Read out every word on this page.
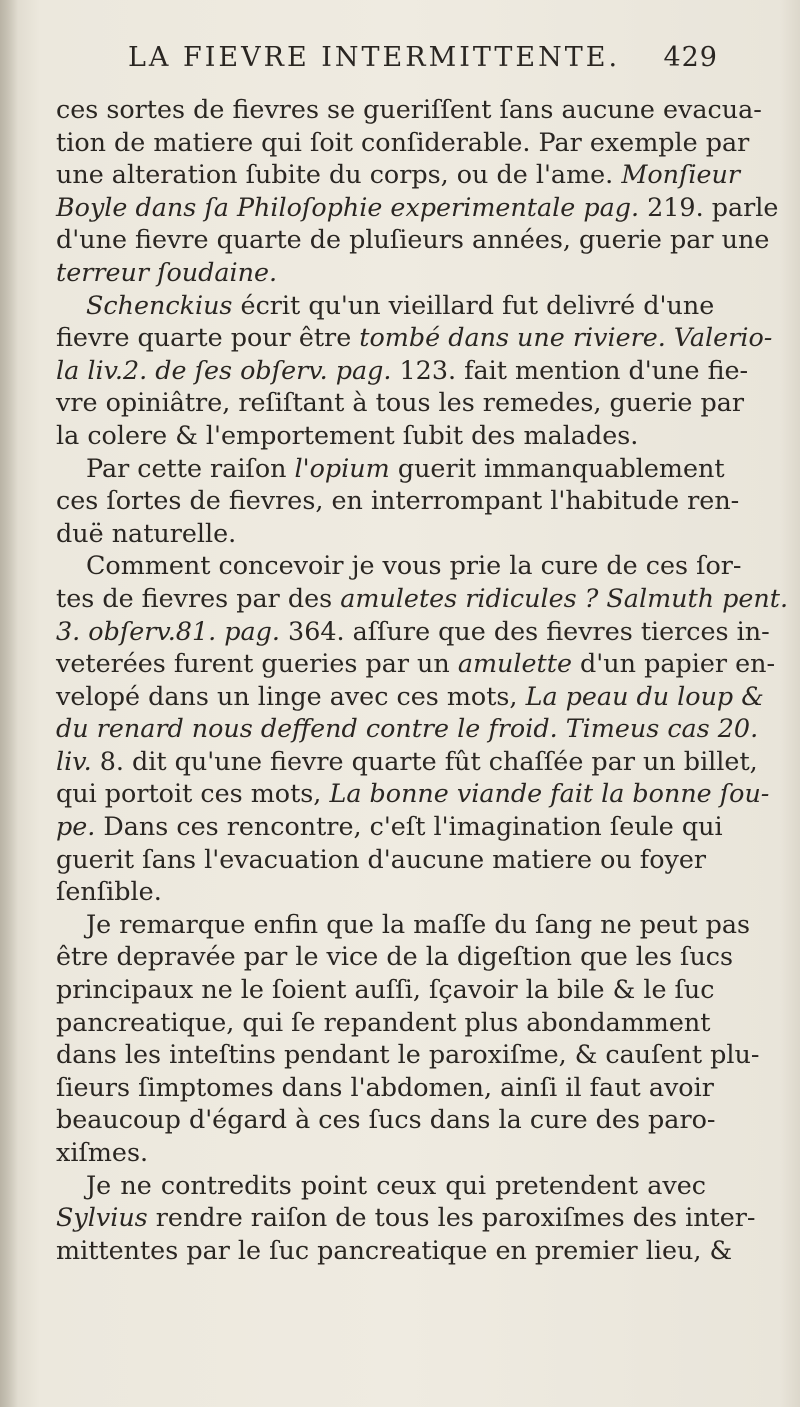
LA FIEVRE INTERMITTENTE. 429
ces sortes de fievres se gueriſſent ſans aucune evacua-
tion de matiere qui ſoit conſiderable. Par exemple par
une alteration ſubite du corps, ou de l'ame. Monſieur
Boyle dans ſa Philoſophie experimentale pag. 219. parle
d'une fievre quarte de pluſieurs années, guerie par une
terreur ſoudaine.
Schenckius écrit qu'un vieillard fut delivré d'une
fievre quarte pour être tombé dans une riviere. Valerio-
la liv.2. de ſes obſerv. pag. 123. fait mention d'une fie-
vre opiniâtre, reſiſtant à tous les remedes, guerie par
la colere & l'emportement ſubit des malades.
Par cette raiſon l'opium guerit immanquablement
ces ſortes de fievres, en interrompant l'habitude ren-
duë naturelle.
Comment concevoir je vous prie la cure de ces ſor-
tes de fievres par des amuletes ridicules ? Salmuth pent.
3. obſerv.81. pag. 364. aſſure que des fievres tierces in-
veterées furent gueries par un amulette d'un papier en-
velopé dans un linge avec ces mots, La peau du loup &
du renard nous deffend contre le froid. Timeus cas 20.
liv. 8. dit qu'une fievre quarte fût chaſſée par un billet,
qui portoit ces mots, La bonne viande fait la bonne ſou-
pe. Dans ces rencontre, c'eſt l'imagination ſeule qui
guerit ſans l'evacuation d'aucune matiere ou foyer
ſenſible.
Je remarque enfin que la maſſe du ſang ne peut pas
être depravée par le vice de la digeſtion que les ſucs
principaux ne le ſoient auſſi, ſçavoir la bile & le ſuc
pancreatique, qui ſe repandent plus abondamment
dans les inteſtins pendant le paroxiſme, & cauſent plu-
ſieurs ſimptomes dans l'abdomen, ainſi il faut avoir
beaucoup d'égard à ces ſucs dans la cure des paro-
xiſmes.
Je ne contredits point ceux qui pretendent avec
Sylvius rendre raiſon de tous les paroxiſmes des inter-
mittentes par le ſuc pancreatique en premier lieu, &
